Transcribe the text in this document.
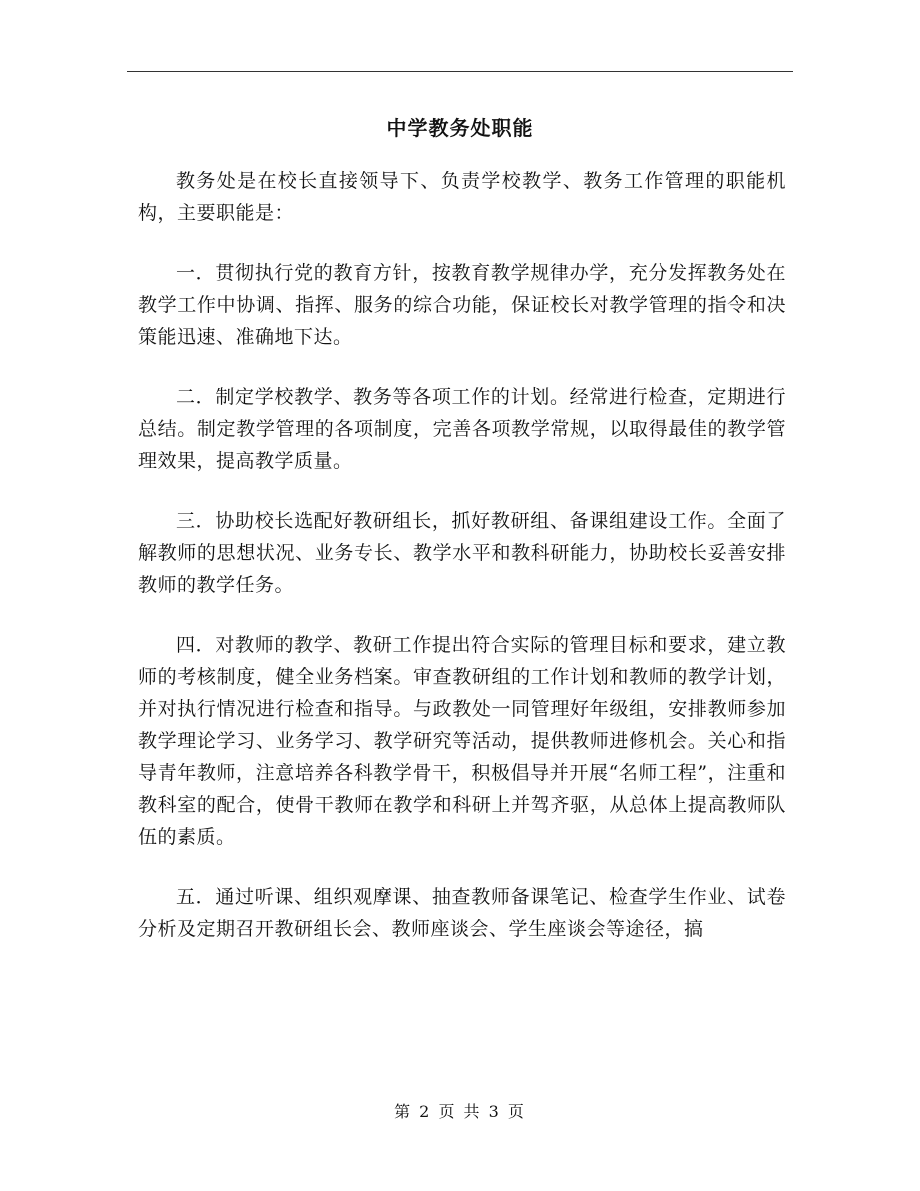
中学教务处职能

教务处是在校长直接领导下、负责学校教学、教务工作管理的职能机构，主要职能是：

一．贯彻执行党的教育方针，按教育教学规律办学，充分发挥教务处在教学工作中协调、指挥、服务的综合功能，保证校长对教学管理的指令和决策能迅速、准确地下达。

二．制定学校教学、教务等各项工作的计划。经常进行检查，定期进行总结。制定教学管理的各项制度，完善各项教学常规，以取得最佳的教学管理效果，提高教学质量。

三．协助校长选配好教研组长，抓好教研组、备课组建设工作。全面了解教师的思想状况、业务专长、教学水平和教科研能力，协助校长妥善安排教师的教学任务。

四．对教师的教学、教研工作提出符合实际的管理目标和要求，建立教师的考核制度，健全业务档案。审查教研组的工作计划和教师的教学计划，并对执行情况进行检查和指导。与政教处一同管理好年级组，安排教师参加教学理论学习、业务学习、教学研究等活动，提供教师进修机会。关心和指导青年教师，注意培养各科教学骨干，积极倡导并开展“名师工程”，注重和教科室的配合，使骨干教师在教学和科研上并驾齐驱，从总体上提高教师队伍的素质。

五．通过听课、组织观摩课、抽查教师备课笔记、检查学生作业、试卷分析及定期召开教研组长会、教师座谈会、学生座谈会等途径，搞

第 2 页 共 3 页
